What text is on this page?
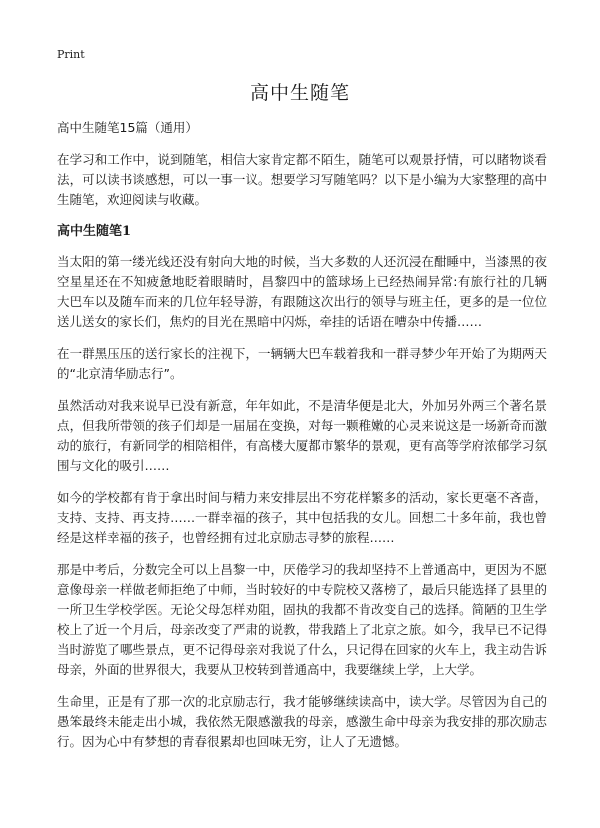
Print
高中生随笔

高中生随笔15篇（通用）

在学习和工作中，说到随笔，相信大家肯定都不陌生，随笔可以观景抒情，可以睹物谈看法，可以读书谈感想，可以一事一议。想要学习写随笔吗？以下是小编为大家整理的高中生随笔，欢迎阅读与收藏。

高中生随笔1

当太阳的第一缕光线还没有射向大地的时候，当大多数的人还沉浸在酣睡中，当漆黑的夜空星星还在不知疲惫地眨着眼睛时，昌黎四中的篮球场上已经热闹异常:有旅行社的几辆大巴车以及随车而来的几位年轻导游，有跟随这次出行的领导与班主任，更多的是一位位送儿送女的家长们，焦灼的目光在黑暗中闪烁，牵挂的话语在嘈杂中传播……

在一群黑压压的送行家长的注视下，一辆辆大巴车载着我和一群寻梦少年开始了为期两天的“北京清华励志行”。

虽然活动对我来说早已没有新意，年年如此，不是清华便是北大，外加另外两三个著名景点，但我所带领的孩子们却是一届届在变换，对每一颗稚嫩的心灵来说这是一场新奇而激动的旅行，有新同学的相陪相伴，有高楼大厦都市繁华的景观，更有高等学府浓郁学习氛围与文化的吸引……

如今的学校都有肯于拿出时间与精力来安排层出不穷花样繁多的活动，家长更毫不吝啬，支持、支持、再支持……一群幸福的孩子，其中包括我的女儿。回想二十多年前，我也曾经是这样幸福的孩子，也曾经拥有过北京励志寻梦的旅程……

那是中考后，分数完全可以上昌黎一中，厌倦学习的我却坚持不上普通高中，更因为不愿意像母亲一样做老师拒绝了中师，当时较好的中专院校又落榜了，最后只能选择了县里的一所卫生学校学医。无论父母怎样劝阻，固执的我都不肯改变自己的选择。简陋的卫生学校上了近一个月后，母亲改变了严肃的说教，带我踏上了北京之旅。如今，我早已不记得当时游览了哪些景点，更不记得母亲对我说了什么，只记得在回家的火车上，我主动告诉母亲，外面的世界很大，我要从卫校转到普通高中，我要继续上学，上大学。

生命里，正是有了那一次的北京励志行，我才能够继续读高中，读大学。尽管因为自己的愚笨最终未能走出小城，我依然无限感激我的母亲，感激生命中母亲为我安排的那次励志行。因为心中有梦想的青春很累却也回味无穷，让人了无遗憾。
